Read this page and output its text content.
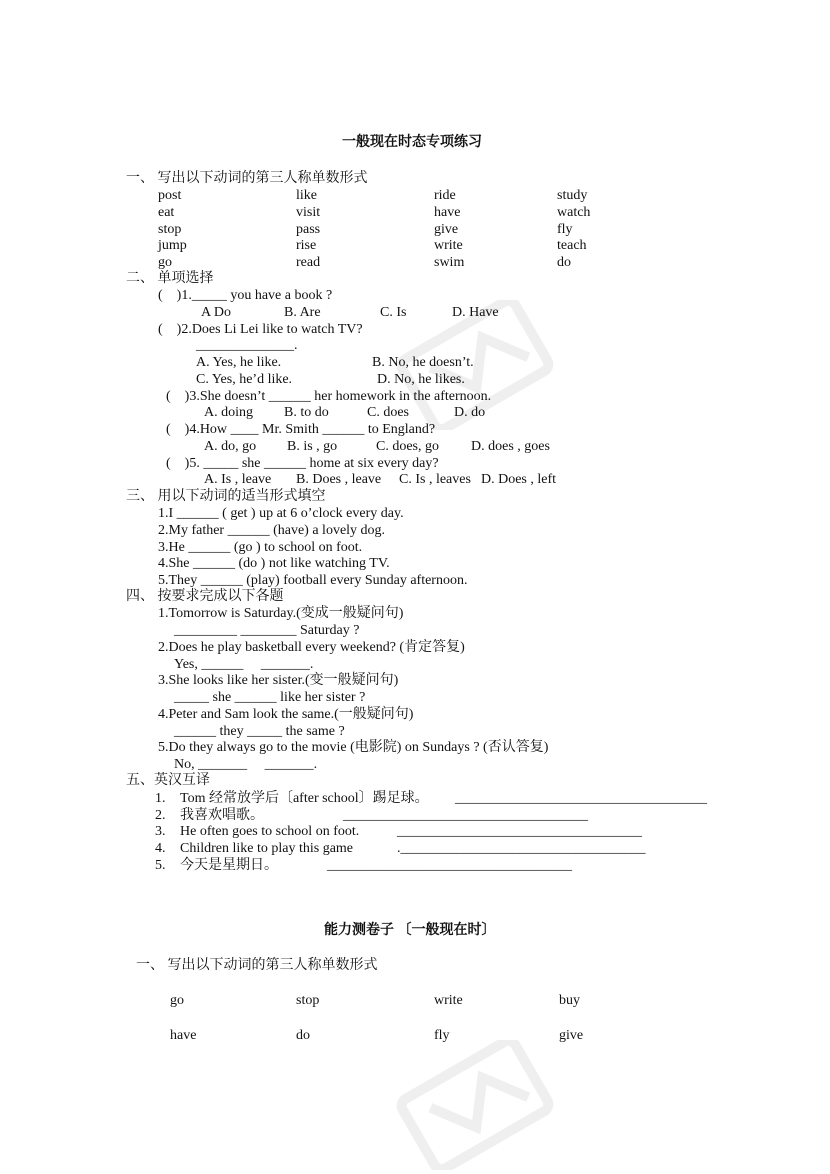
一般现在时态专项练习
一、 写出以下动词的第三人称单数形式
post	like	ride	study
eat	visit	have	watch
stop	pass	give	fly
jump	rise	write	teach
go	read	swim	do
二、 单项选择
(    )1._____ you have a book ?
A Do	B. Are	C. Is	D. Have
(    )2.Does Li Lei like to watch TV?
______________.
A. Yes, he like.	B. No, he doesn’t.
C. Yes, he’d like.	D. No, he likes.
(    )3.She doesn’t ______ her homework in the afternoon.
A. doing B. to do	C. does	D. do
(    )4.How ____ Mr. Smith ______ to England?
A. do, go B. is , go	C. does, go D. does , goes
(    )5. _____ she ______ home at six every day?
A. Is , leave B. Does , leave C. Is , leaves D. Does , left
三、 用以下动词的适当形式填空
1.I ______ ( get ) up at 6 o’clock every day.
2.My father ______ (have) a lovely dog.
3.He ______ (go ) to school on foot.
4.She ______ (do ) not like watching TV.
5.They ______ (play) football every Sunday afternoon.
四、 按要求完成以下各题
1.Tomorrow is Saturday.(变成一般疑问句)
_________ ________ Saturday ?
2.Does he play basketball every weekend? (肯定答复)
Yes, ______     _______.
3.She looks like her sister.(变一般疑问句)
_____ she ______ like her sister ?
4.Peter and Sam look the same.(一般疑问句)
______ they _____ the same ?
5.Do they always go to the movie (电影院) on Sundays ? (否认答复)
No, _______     _______.
五、英汉互译
1. Tom 经常放学后〔after school〕踢足球。 ____________________________________
2. 我喜欢唱歌。	___________________________________
3. He often goes to school on foot.	___________________________________
4. Children like to play this game	.___________________________________
5. 今天是星期日。	___________________________________
能力测卷子 〔一般现在时〕
一、 写出以下动词的第三人称单数形式
go	stop	write	buy
have	do	fly	give
